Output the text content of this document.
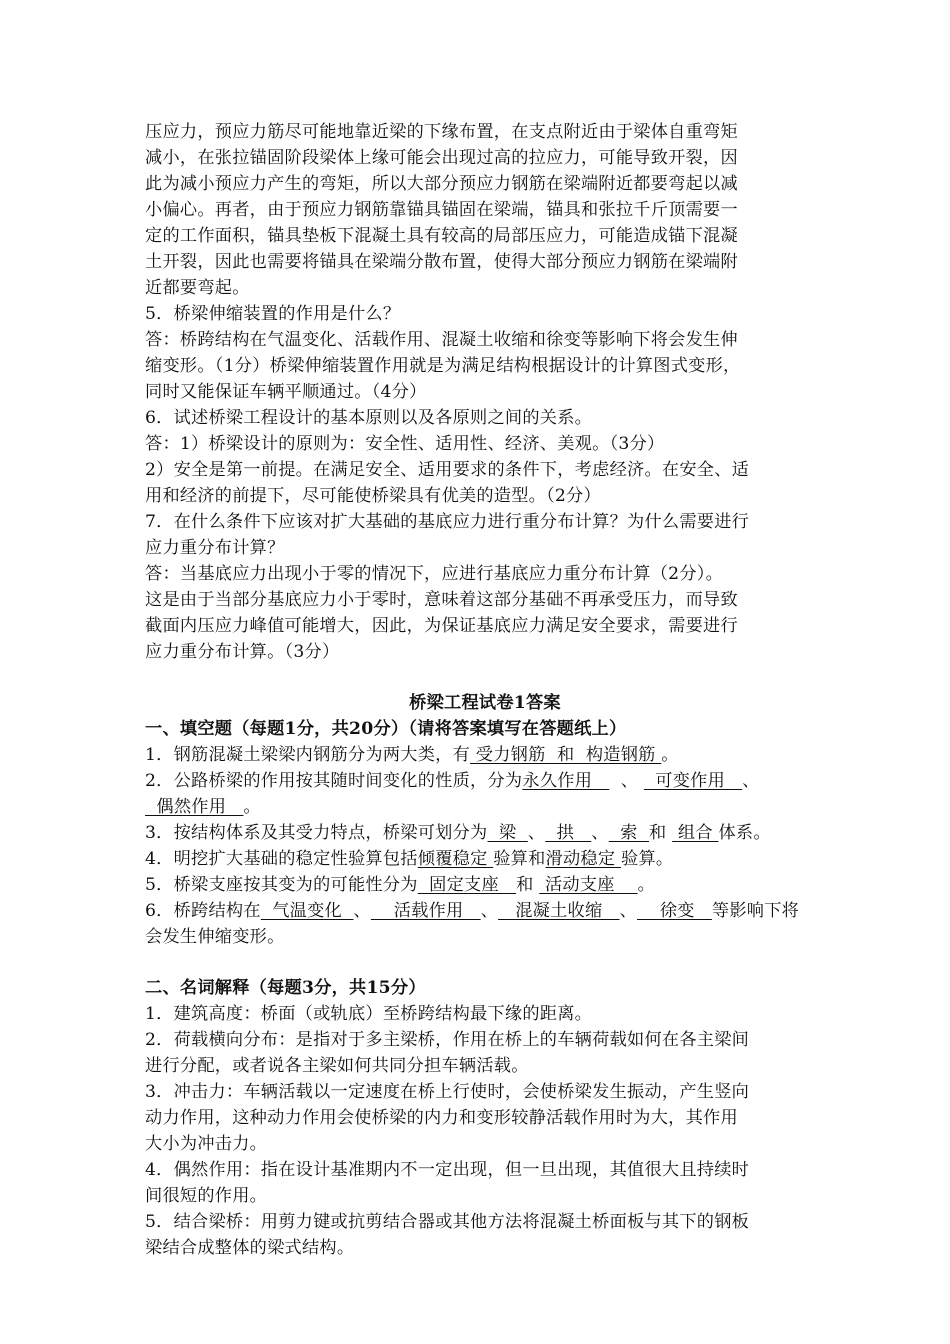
压应力，预应力筋尽可能地靠近梁的下缘布置，在支点附近由于梁体自重弯矩
减小，在张拉锚固阶段梁体上缘可能会出现过高的拉应力，可能导致开裂，因
此为减小预应力产生的弯矩，所以大部分预应力钢筋在梁端附近都要弯起以减
小偏心。再者，由于预应力钢筋靠锚具锚固在梁端，锚具和张拉千斤顶需要一
定的工作面积，锚具垫板下混凝土具有较高的局部压应力，可能造成锚下混凝
土开裂，因此也需要将锚具在梁端分散布置，使得大部分预应力钢筋在梁端附
近都要弯起。
5．桥梁伸缩装置的作用是什么？
答：桥跨结构在气温变化、活载作用、混凝土收缩和徐变等影响下将会发生伸
缩变形。（1分）桥梁伸缩装置作用就是为满足结构根据设计的计算图式变形，
同时又能保证车辆平顺通过。（4分）
6．试述桥梁工程设计的基本原则以及各原则之间的关系。
答：1）桥梁设计的原则为：安全性、适用性、经济、美观。（3分）
2）安全是第一前提。在满足安全、适用要求的条件下，考虑经济。在安全、适
用和经济的前提下，尽可能使桥梁具有优美的造型。（2分）
7．在什么条件下应该对扩大基础的基底应力进行重分布计算？为什么需要进行
应力重分布计算？
答：当基底应力出现小于零的情况下，应进行基底应力重分布计算（2分）。
这是由于当部分基底应力小于零时，意味着这部分基础不再承受压力，而导致
截面内压应力峰值可能增大，因此，为保证基底应力满足安全要求，需要进行
应力重分布计算。（3分）
桥梁工程试卷1答案
一、填空题（每题1分，共20分）（请将答案填写在答题纸上）
1．钢筋混凝土梁梁内钢筋分为两大类，有 受力钢筋  和  构造钢筋 。
2．公路桥梁的作用按其随时间变化的性质，分为永久作用     、   可变作用   、
偶然作用   。
3．按结构体系及其受力特点，桥梁可划分为  梁  、  拱   、  索  和  组合 体系。
4．明挖扩大基础的稳定性验算包括倾覆稳定 验算和滑动稳定 验算。
5．桥梁支座按其变为的可能性分为  固定支座   和  活动支座    。
6．桥跨结构在  气温变化  、    活载作用   、   混凝土收缩   、    徐变   等影响下将
会发生伸缩变形。
二、名词解释（每题3分，共15分）
1．建筑高度：桥面（或轨底）至桥跨结构最下缘的距离。
2．荷载横向分布：是指对于多主梁桥，作用在桥上的车辆荷载如何在各主梁间
进行分配，或者说各主梁如何共同分担车辆活载。
3．冲击力：车辆活载以一定速度在桥上行使时，会使桥梁发生振动，产生竖向
动力作用，这种动力作用会使桥梁的内力和变形较静活载作用时为大，其作用
大小为冲击力。
4．偶然作用：指在设计基准期内不一定出现，但一旦出现，其值很大且持续时
间很短的作用。
5．结合梁桥：用剪力键或抗剪结合器或其他方法将混凝土桥面板与其下的钢板
梁结合成整体的梁式结构。
